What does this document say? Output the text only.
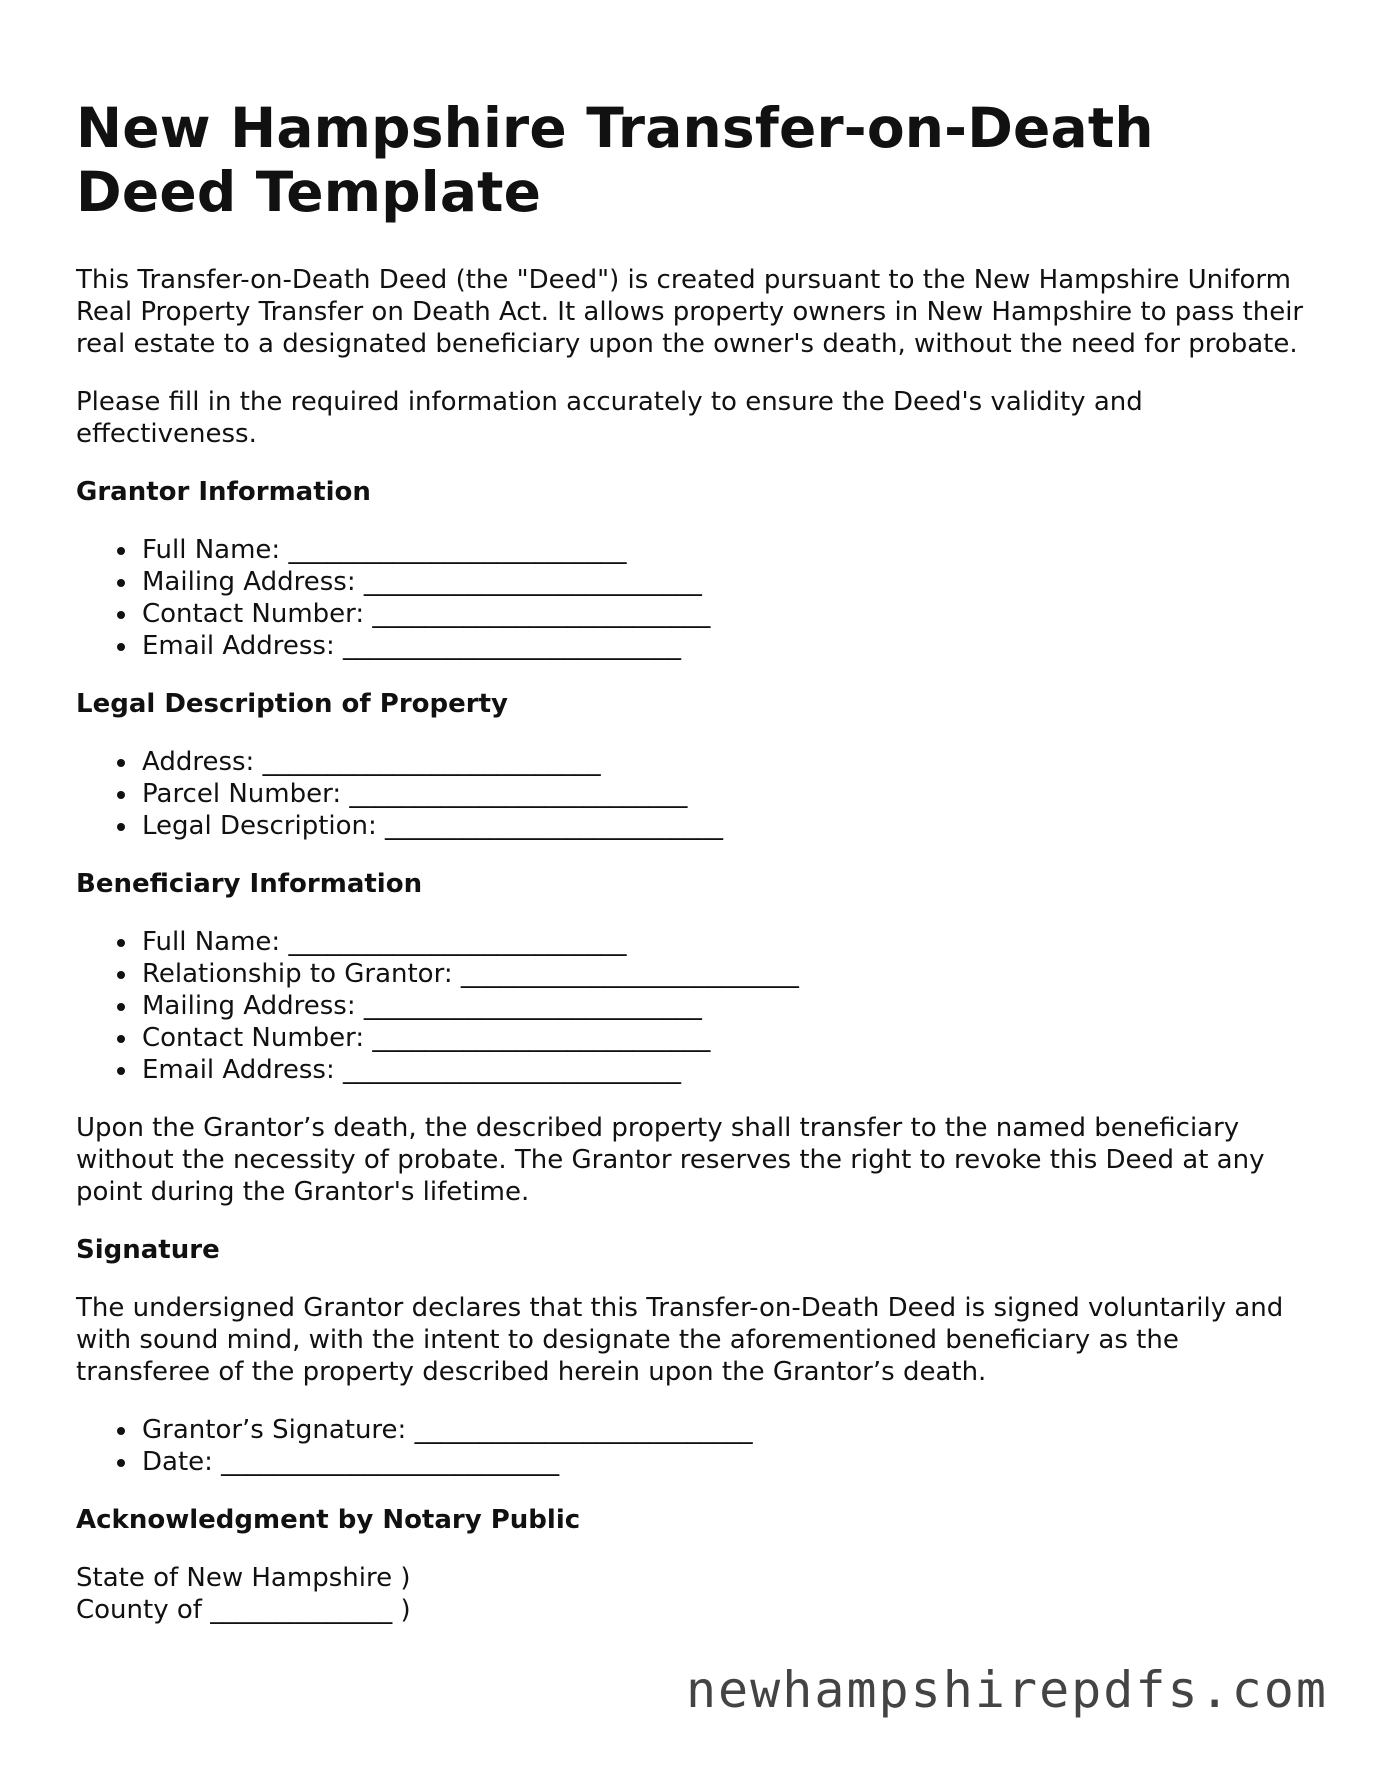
New Hampshire Transfer-on-Death Deed Template

This Transfer-on-Death Deed (the "Deed") is created pursuant to the New Hampshire Uniform Real Property Transfer on Death Act. It allows property owners in New Hampshire to pass their real estate to a designated beneficiary upon the owner's death, without the need for probate.

Please fill in the required information accurately to ensure the Deed's validity and effectiveness.

Grantor Information
Full Name: __________________________
Mailing Address: __________________________
Contact Number: __________________________
Email Address: __________________________
Legal Description of Property
Address: __________________________
Parcel Number: __________________________
Legal Description: __________________________
Beneficiary Information
Full Name: __________________________
Relationship to Grantor: __________________________
Mailing Address: __________________________
Contact Number: __________________________
Email Address: __________________________

Upon the Grantor’s death, the described property shall transfer to the named beneficiary without the necessity of probate. The Grantor reserves the right to revoke this Deed at any point during the Grantor's lifetime.

Signature

The undersigned Grantor declares that this Transfer-on-Death Deed is signed voluntarily and with sound mind, with the intent to designate the aforementioned beneficiary as the transferee of the property described herein upon the Grantor’s death.

Grantor’s Signature: __________________________
Date: __________________________
Acknowledgment by Notary Public
State of New Hampshire )
County of ______________ )
newhampshirepdfs.com
